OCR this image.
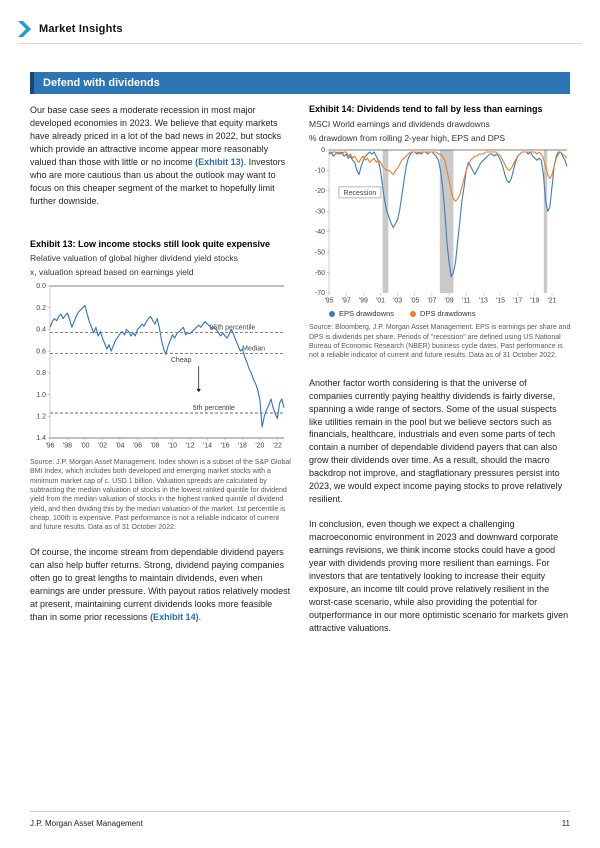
Market Insights
Defend with dividends

Our base case sees a moderate recession in most major developed economies in 2023. We believe that equity markets have already priced in a lot of the bad news in 2022, but stocks which provide an attractive income appear more reasonably valued than those with little or no income (Exhibit 13). Investors who are more cautious than us about the outlook may want to focus on this cheaper segment of the market to hopefully limit further downside.

Exhibit 13: Low income stocks still look quite expensive
Relative valuation of global higher dividend yield stocks
x, valuation spread based on earnings yield
0.0
0.2
0.4
0.6
0.8
1.0
1.2
1.4
'96 '98 '00 '02 '04 '06 '08 '10 '12 '14 '16 '18 '20 '22
95th percentile
Median
5th percentile
Cheap

Source: J.P. Morgan Asset Management. Index shown is a subset of the S&P Global BMI Index, which includes both developed and emerging market stocks with a minimum market cap of c. USD 1 billion. Valuation spreads are calculated by subtracting the median valuation of stocks in the lowest ranked quintile for dividend yield from the median valuation of stocks in the highest ranked quintile of dividend yield, and then dividing this by the median valuation of the market. 1st percentile is cheap, 100th is expensive. Past performance is not a reliable indicator of current and future results. Data as of 31 October 2022.

Of course, the income stream from dependable dividend payers can also help buffer returns. Strong, dividend paying companies often go to great lengths to maintain dividends, even when earnings are under pressure. With payout ratios relatively modest at present, maintaining current dividends looks more feasible than in some prior recessions (Exhibit 14).

Exhibit 14: Dividends tend to fall by less than earnings
MSCI World earnings and dividends drawdowns
% drawdown from rolling 2-year high, EPS and DPS
0
-10
-20
-30
-40
-50
-60
-70
'95 '97 '99 '01 '03 '05 '07 '09 '11 '13 '15 '17 '19 '21
Recession
EPS drawdowns	DPS drawdowns

Source: Bloomberg, J.P. Morgan Asset Management. EPS is earnings per share and DPS is dividends per share. Periods of "recession" are defined using US National Bureau of Economic Research (NBER) business cycle dates. Past performance is not a reliable indicator of current and future results. Data as of 31 October 2022.

Another factor worth considering is that the universe of companies currently paying healthy dividends is fairly diverse, spanning a wide range of sectors. Some of the usual suspects like utilities remain in the pool but we believe sectors such as financials, healthcare, industrials and even some parts of tech contain a number of dependable dividend payers that can also grow their dividends over time. As a result, should the macro backdrop not improve, and stagflationary pressures persist into 2023, we would expect income paying stocks to prove relatively resilient.

In conclusion, even though we expect a challenging macroeconomic environment in 2023 and downward corporate earnings revisions, we think income stocks could have a good year with dividends proving more resilient than earnings. For investors that are tentatively looking to increase their equity exposure, an income tilt could prove relatively resilient in the worst-case scenario, while also providing the potential for outperformance in our more optimistic scenario for markets given attractive valuations.

J.P. Morgan Asset Management	11
